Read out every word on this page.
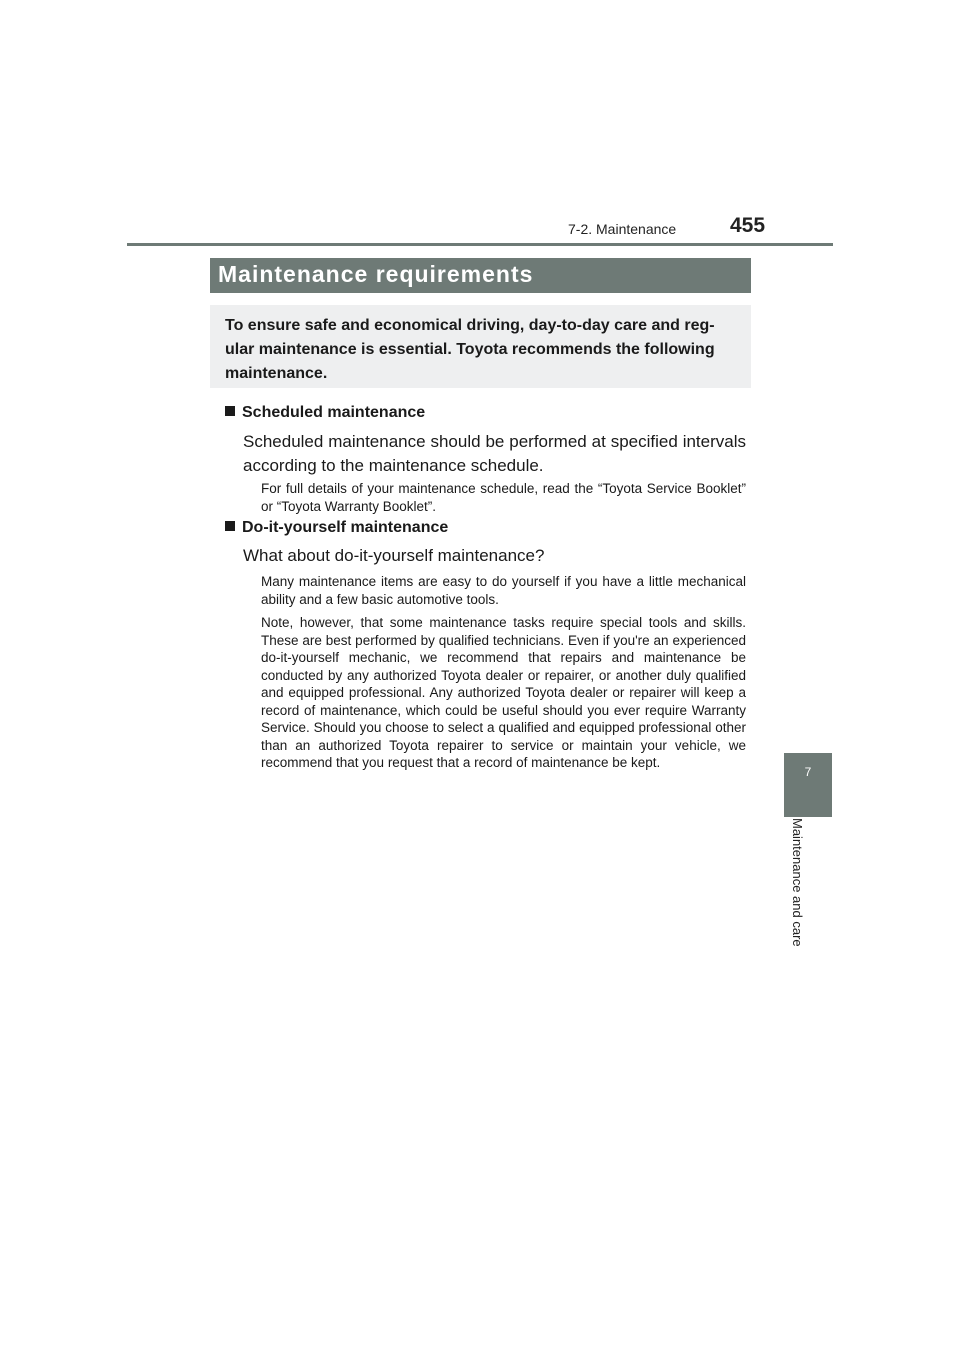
7-2. Maintenance	455
7
Maintenance and care
Maintenance requirements
To ensure safe and economical driving, day-to-day care and reg- ular maintenance is essential. Toyota recommends the following maintenance.
Scheduled maintenance
Scheduled maintenance should be performed at specified intervals according to the maintenance schedule.
For full details of your maintenance schedule, read the “Toyota Service Booklet” or “Toyota Warranty Booklet”.
Do-it-yourself maintenance
What about do-it-yourself maintenance?
Many maintenance items are easy to do yourself if you have a little mechanical ability and a few basic automotive tools.
Note, however, that some maintenance tasks require special tools and skills. These are best performed by qualified technicians. Even if you're an experienced do-it-yourself mechanic, we recommend that repairs and maintenance be conducted by any authorized Toyota dealer or repairer, or another duly qualified and equipped professional. Any authorized Toyota dealer or repairer will keep a record of maintenance, which could be useful should you ever require Warranty Service. Should you choose to select a qualified and equipped professional other than an authorized Toyota repairer to service or maintain your vehicle, we recommend that you request that a record of maintenance be kept.
